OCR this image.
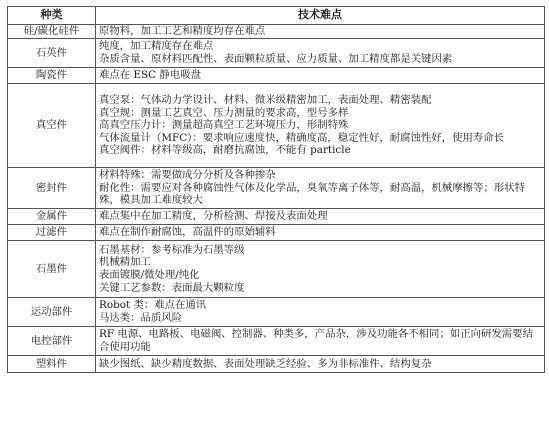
种类	技术难点
硅/碳化硅件	原物料，加工工艺和精度均存在难点

石英件	纯度，加工精度存在难点
杂质含量、原材料匹配性、表面颗粒质量、应力质量、加工精度都是关键因素

陶瓷件	难点在 ESC 静电吸盘

真空件	真空泵：气体动力学设计、材料、微米级精密加工，表面处理、精密装配
真空规：测量工艺真空、压力测量的要求高，型号多样
高真空压力计：测量超高真空工艺环境压力，形制特殊
气体流量计（MFC）：要求响应速度快，精确度高，稳定性好，耐腐蚀性好，使用寿命长
真空阀件：材料等级高，耐磨抗腐蚀，不能有 particle

密封件	材料特殊：需要做成分分析及各种掺杂
耐化性：需要应对各种腐蚀性气体及化学品，臭氧等离子体等，耐高温，机械摩擦等；形状特殊，模具加工难度较大

金属件	难点集中在加工精度，分析检测、焊接及表面处理

过滤件	难点在制作耐腐蚀，高温件的原始辅料

石墨件	石墨基材：参考标准为石墨等级
机械精加工
表面镀膜/微处理/纯化
关键工艺参数：表面最大颗粒度

运动部件	Robot 类：难点在通讯
马达类：品质风险

电控部件	RF 电源、电路板、电磁阀、控制器、种类多，产品杂，涉及功能各不相同；如正向研发需要结合使用功能

塑料件	缺少图纸、缺少精度数据、表面处理缺乏经验、多为非标准件、结构复杂
